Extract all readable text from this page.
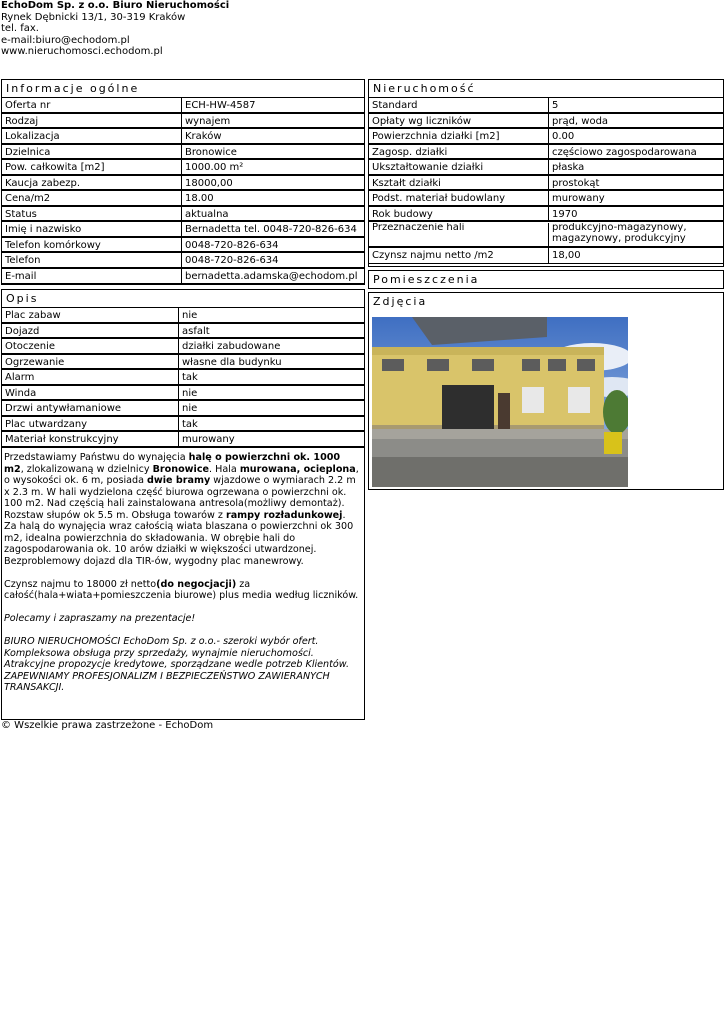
EchoDom Sp. z o.o. Biuro Nieruchomości
Rynek Dębnicki 13/1, 30-319 Kraków
tel. fax.
e-mail:biuro@echodom.pl
www.nieruchomosci.echodom.pl
Informacje ogólne
Oferta nr	ECH-HW-4587
Rodzaj	wynajem
Lokalizacja	Kraków
Dzielnica	Bronowice
Pow. całkowita [m2]	1000.00 m²
Kaucja zabezp.	18000,00
Cena/m2	18.00
Status	aktualna
Imię i nazwisko	Bernadetta tel. 0048-720-826-634
Telefon komórkowy	0048-720-826-634
Telefon	0048-720-826-634
E-mail	bernadetta.adamska@echodom.pl
Nieruchomość
Standard	5
Opłaty wg liczników	prąd, woda
Powierzchnia działki [m2]	0.00
Zagosp. działki	częściowo zagospodarowana
Ukształtowanie działki	płaska
Kształt działki	prostokąt
Podst. materiał budowlany	murowany
Rok budowy	1970
Przeznaczenie hali	produkcyjno-magazynowy, magazynowy, produkcyjny
Czynsz najmu netto /m2	18,00
Pomieszczenia
Zdjęcia
Opis
Plac zabaw	nie
Dojazd	asfalt
Otoczenie	działki zabudowane
Ogrzewanie	własne dla budynku
Alarm	tak
Winda	nie
Drzwi antywłamaniowe	nie
Plac utwardzany	tak
Materiał konstrukcyjny	murowany

Przedstawiamy Państwu do wynajęcia halę o powierzchni ok. 1000 m2, zlokalizowaną w dzielnicy Bronowice. Hala murowana, ocieplona, o wysokości ok. 6 m, posiada dwie bramy wjazdowe o wymiarach 2.2 m x 2.3 m. W hali wydzielona część biurowa ogrzewana o powierzchni ok. 100 m2. Nad częścią hali zainstalowana antresola(możliwy demontaż). Rozstaw słupów ok 5.5 m. Obsługa towarów z rampy rozładunkowej. Za halą do wynajęcia wraz całością wiata blaszana o powierzchni ok 300 m2, idealna powierzchnia do składowania. W obrębie hali do zagospodarowania ok. 10 arów działki w większości utwardzonej. Bezproblemowy dojazd dla TIR-ów, wygodny plac manewrowy.

Czynsz najmu to 18000 zł netto(do negocjacji) za całość(hala+wiata+pomieszczenia biurowe) plus media według liczników.

Polecamy i zapraszamy na prezentacje!

BIURO NIERUCHOMOŚCI EchoDom Sp. z o.o.- szeroki wybór ofert. Kompleksowa obsługa przy sprzedaży, wynajmie nieruchomości. Atrakcyjne propozycje kredytowe, sporządzane wedle potrzeb Klientów. ZAPEWNIAMY PROFESJONALIZM I BEZPIECZEŃSTWO ZAWIERANYCH TRANSAKCJI.

© Wszelkie prawa zastrzeżone - EchoDom
